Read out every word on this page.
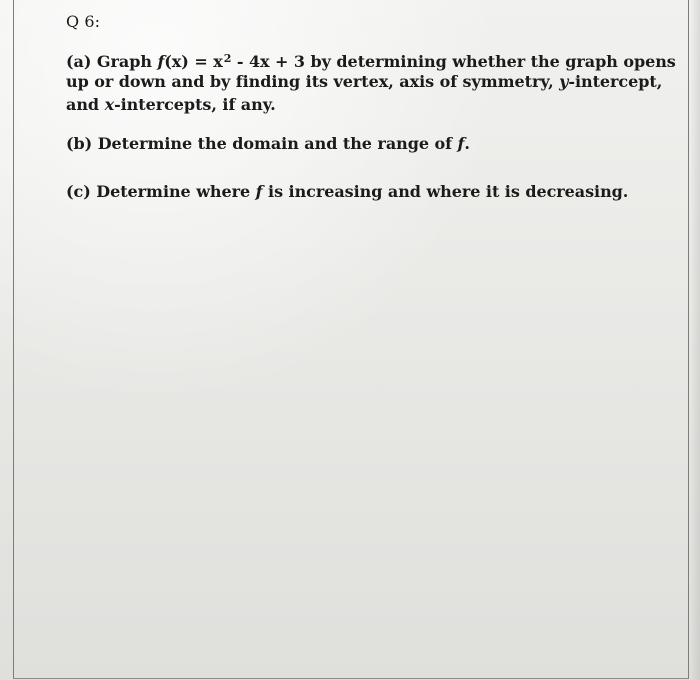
Q 6:
(a) Graph $f(x) = x^2 - 4x + 3$ by determining whether the graph opens
up or down and by finding its vertex, axis of symmetry, y-intercept,
and x-intercepts, if any.
(b) Determine the domain and the range of f.
(c) Determine where f is increasing and where it is decreasing.
